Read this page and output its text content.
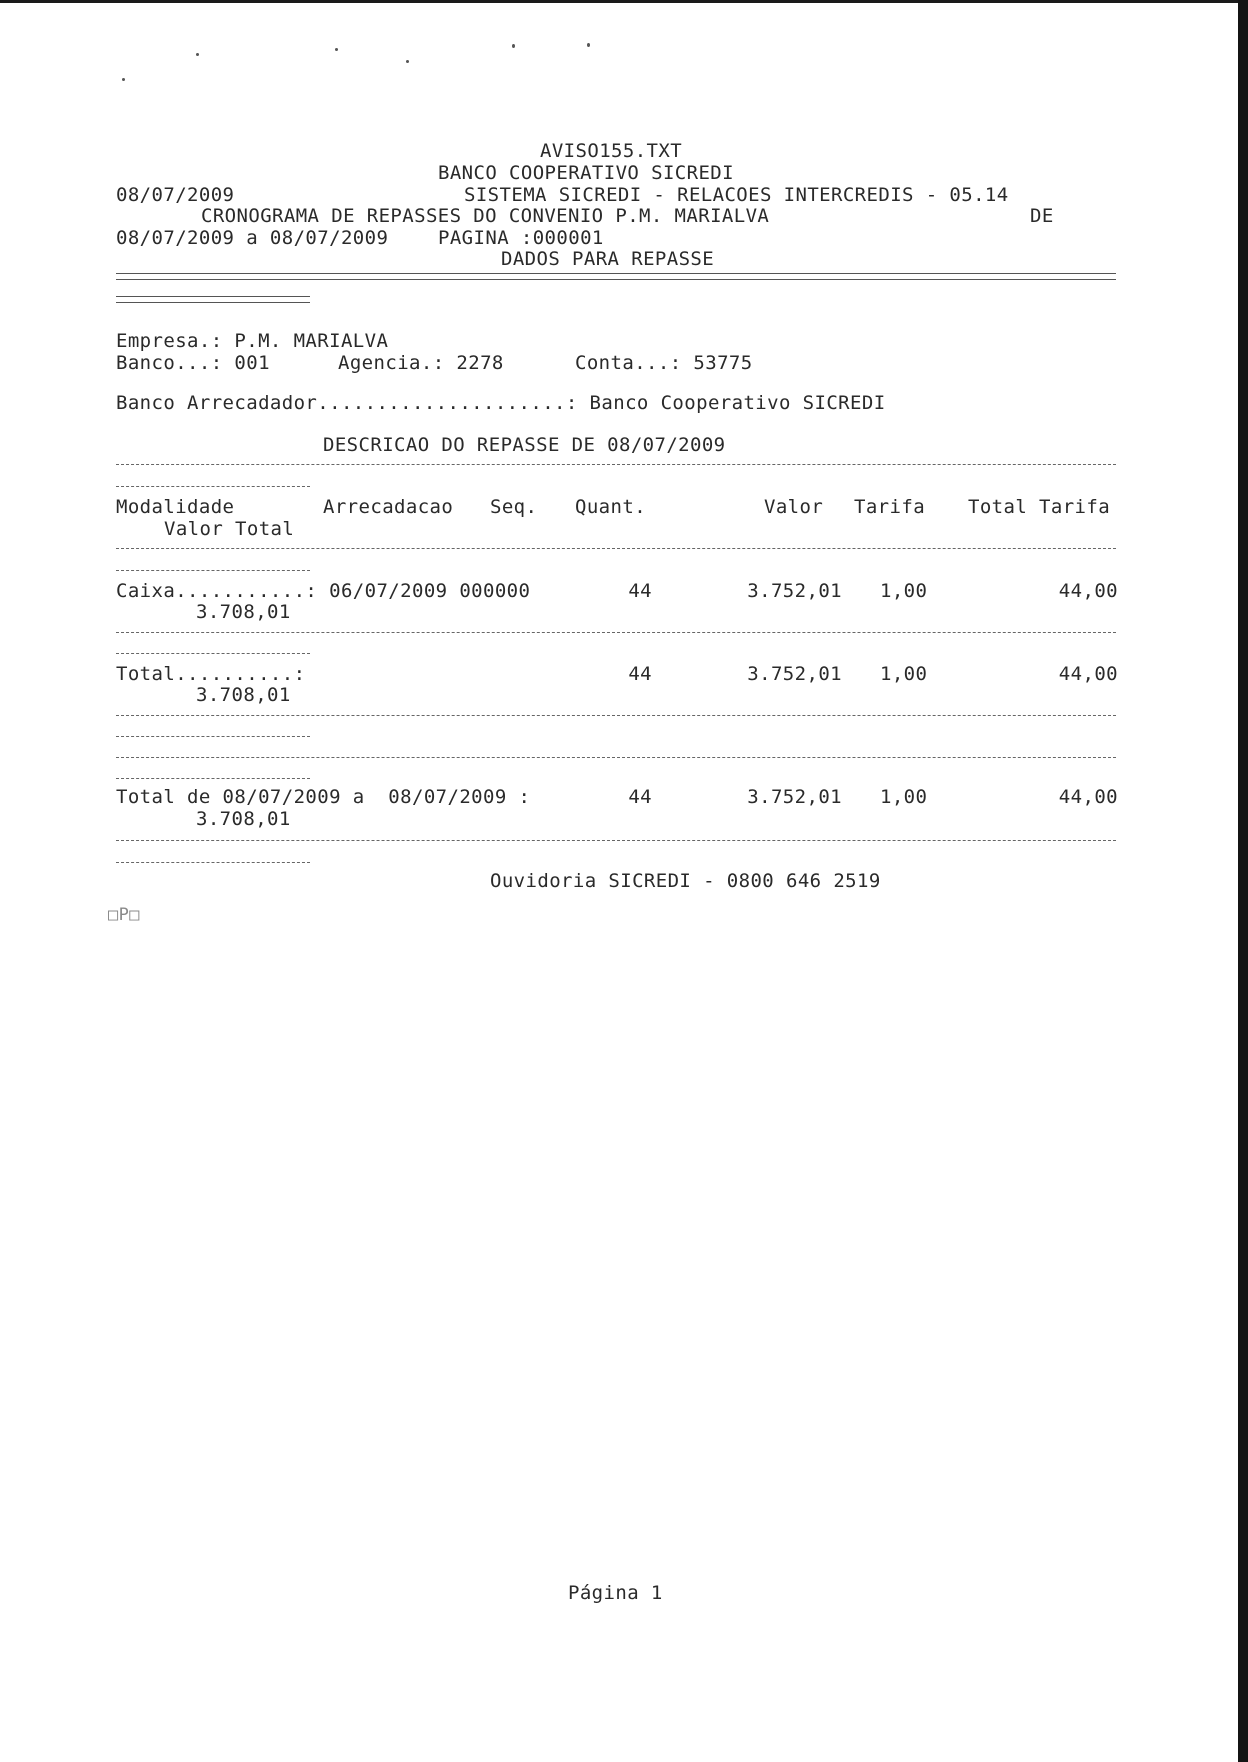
AVISO155.TXT
BANCO COOPERATIVO SICREDI
08/07/2009	SISTEMA SICREDI - RELACOES INTERCREDIS - 05.14
CRONOGRAMA DE REPASSES DO CONVENIO P.M. MARIALVA	DE
08/07/2009 a 08/07/2009	PAGINA :000001
DADOS PARA REPASSE
Empresa.: P.M. MARIALVA
Banco...: 001	Agencia.: 2278	Conta...: 53775
Banco Arrecadador.....................: Banco Cooperativo SICREDI
DESCRICAO DO REPASSE DE 08/07/2009
Modalidade	Arrecadacao Seq. Quant.	Valor Tarifa Total Tarifa
Valor Total
Caixa...........: 06/07/2009 000000	44	3.752,01 1,00	44,00
3.708,01
Total..........:	44	3.752,01 1,00	44,00
3.708,01
Total de 08/07/2009 a  08/07/2009 :	44	3.752,01 1,00	44,00
3.708,01
Ouvidoria SICREDI - 0800 646 2519
□P□
Página 1
